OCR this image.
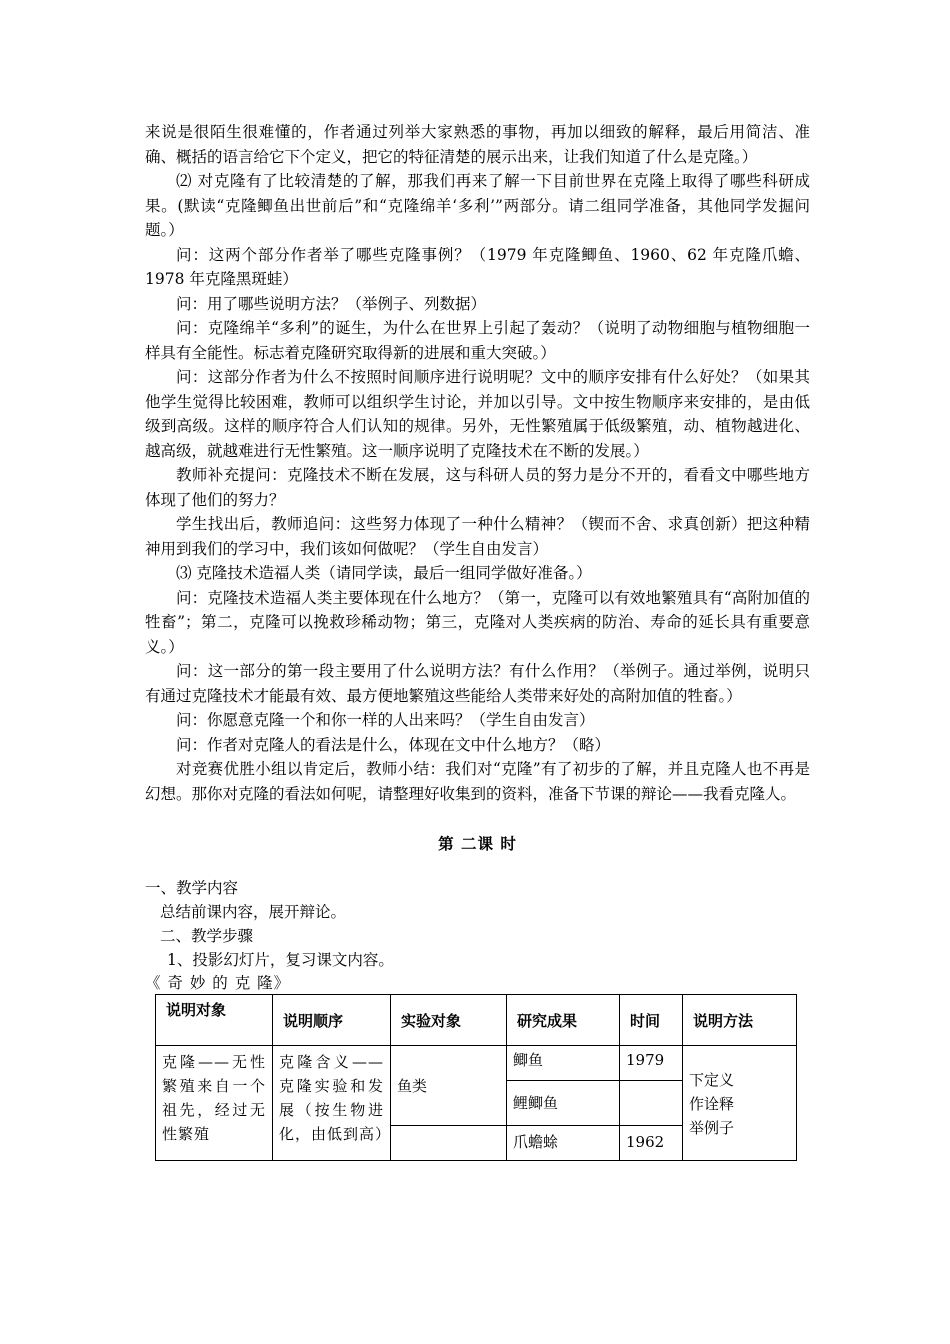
来说是很陌生很难懂的，作者通过列举大家熟悉的事物，再加以细致的解释，最后用简洁、准确、概括的语言给它下个定义，把它的特征清楚的展示出来，让我们知道了什么是克隆。）

⑵ 对克隆有了比较清楚的了解，那我们再来了解一下目前世界在克隆上取得了哪些科研成果。(默读“克隆鲫鱼出世前后”和“克隆绵羊‘多利’”两部分。请二组同学准备，其他同学发掘问题。）

问：这两个部分作者举了哪些克隆事例？（1979 年克隆鲫鱼、1960、62 年克隆爪蟾、1978 年克隆黑斑蛙）

问：用了哪些说明方法？（举例子、列数据）

问：克隆绵羊“多利”的诞生，为什么在世界上引起了轰动？（说明了动物细胞与植物细胞一样具有全能性。标志着克隆研究取得新的进展和重大突破。）

问：这部分作者为什么不按照时间顺序进行说明呢？文中的顺序安排有什么好处？（如果其他学生觉得比较困难，教师可以组织学生讨论，并加以引导。文中按生物顺序来安排的，是由低级到高级。这样的顺序符合人们认知的规律。另外，无性繁殖属于低级繁殖，动、植物越进化、越高级，就越难进行无性繁殖。这一顺序说明了克隆技术在不断的发展。）

教师补充提问：克隆技术不断在发展，这与科研人员的努力是分不开的，看看文中哪些地方体现了他们的努力？

学生找出后，教师追问：这些努力体现了一种什么精神？（锲而不舍、求真创新）把这种精神用到我们的学习中，我们该如何做呢？（学生自由发言）

⑶ 克隆技术造福人类（请同学读，最后一组同学做好准备。）

问：克隆技术造福人类主要体现在什么地方？（第一，克隆可以有效地繁殖具有“高附加值的牲畜”；第二，克隆可以挽救珍稀动物；第三，克隆对人类疾病的防治、寿命的延长具有重要意义。）

问：这一部分的第一段主要用了什么说明方法？有什么作用？（举例子。通过举例，说明只有通过克隆技术才能最有效、最方便地繁殖这些能给人类带来好处的高附加值的牲畜。）

问：你愿意克隆一个和你一样的人出来吗？（学生自由发言）

问：作者对克隆人的看法是什么，体现在文中什么地方？（略）

对竞赛优胜小组以肯定后，教师小结：我们对“克隆”有了初步的了解，并且克隆人也不再是幻想。那你对克隆的看法如何呢，请整理好收集到的资料，准备下节课的辩论——我看克隆人。

第 二课 时

一、教学内容

总结前课内容，展开辩论。

二、教学步骤

1、投影幻灯片，复习课文内容。

《 奇 妙 的 克 隆》

说明对象	说明顺序	实验对象	研究成果	时间	说明方法
克隆——无性繁殖来自一个祖先，经过无性繁殖	克隆含义——克隆实验和发展（按生物进化，由低到高）	鱼类	鲫鱼	1979	下定义
作诠释
举例子

			鲤鲫鱼		
			爪蟾蜍	1962	
